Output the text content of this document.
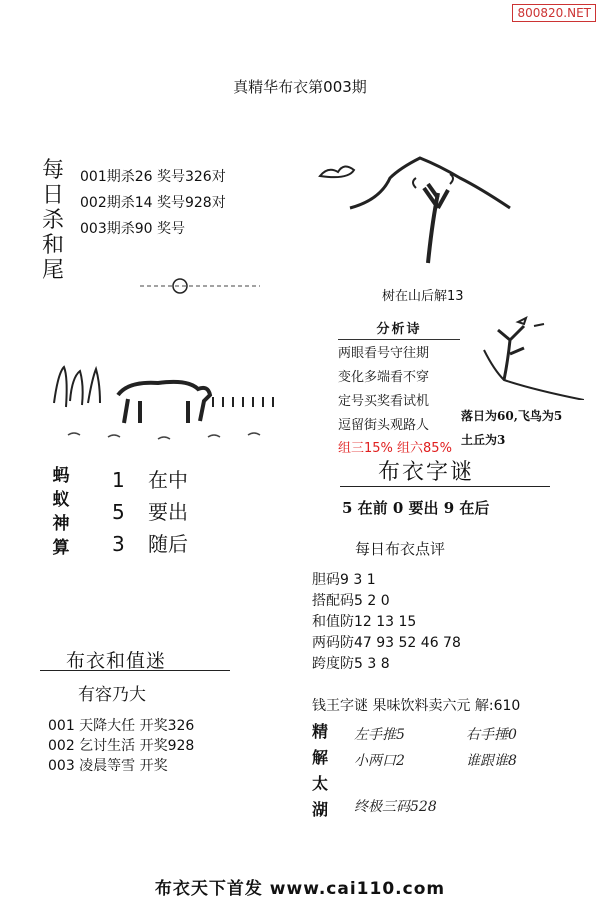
800820.NET
真精华布衣第003期
每日杀和尾
001期杀26 奖号326对
002期杀14 奖号928对
003期杀90 奖号
树在山后解13
分析诗
两眼看号守往期
变化多端看不穿
定号买奖看试机
逗留街头观路人
组三15% 组六85%
落日为60,飞鸟为5
土丘为3
蚂
蚁
神
算
1 在中
5 要出
3 随后
布衣字谜
5 在前 0 要出 9 在后
每日布衣点评
胆码9 3 1
搭配码5 2 0
和值防12 13 15
两码防47 93 52 46 78
跨度防5 3 8
布衣和值迷
有容乃大
001 天降大任 开奖326
002 乞讨生活 开奖928
003 凌晨等雪 开奖
钱王字谜 果味饮料卖六元 解:610
精
解
太
湖
左手推5	右手捶0
小两口2	谁跟谁8
终极三码528
布衣天下首发 www.cai110.com
